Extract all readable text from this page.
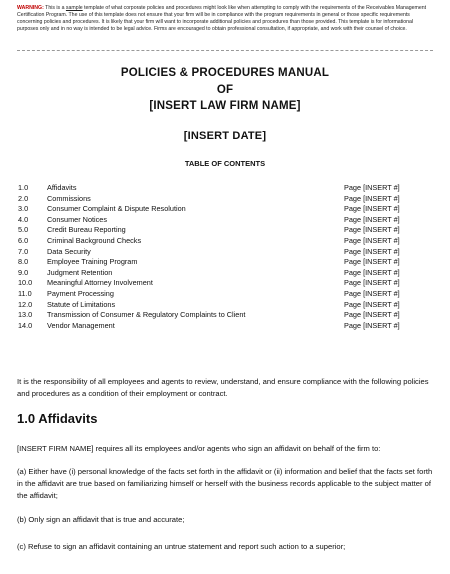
WARNING: This is a sample template of what corporate policies and procedures might look like when attempting to comply with the requirements of the Receivables Management Certification Program. The use of this template does not ensure that your firm will be in compliance with the program requirements in general or those specific requirements concerning policies and procedures. It is likely that your firm will want to incorporate additional policies and procedures than those provided. This template is for informational purposes only and in no way is intended to be legal advice. Firms are encouraged to obtain professional consultation, if appropriate, and work with their counsel of choice.
POLICIES & PROCEDURES MANUAL
OF
[INSERT LAW FIRM NAME]
[INSERT DATE]
TABLE OF CONTENTS
1.0	Affidavits	Page [INSERT #]
2.0	Commissions	Page [INSERT #]
3.0	Consumer Complaint & Dispute Resolution	Page [INSERT #]
4.0	Consumer Notices	Page [INSERT #]
5.0	Credit Bureau Reporting	Page [INSERT #]
6.0	Criminal Background Checks	Page [INSERT #]
7.0	Data Security	Page [INSERT #]
8.0	Employee Training Program	Page [INSERT #]
9.0	Judgment Retention	Page [INSERT #]
10.0 Meaningful Attorney Involvement	Page [INSERT #]
11.0 Payment Processing	Page [INSERT #]
12.0 Statute of Limitations	Page [INSERT #]
13.0 Transmission of Consumer & Regulatory Complaints to Client	Page [INSERT #]
14.0 Vendor Management	Page [INSERT #]
It is the responsibility of all employees and agents to review, understand, and ensure compliance with the following policies and procedures as a condition of their employment or contract.
1.0 Affidavits
[INSERT FIRM NAME] requires all its employees and/or agents who sign an affidavit on behalf of the firm to:
(a) Either have (i) personal knowledge of the facts set forth in the affidavit or (ii) information and belief that the facts set forth in the affidavit are true based on familiarizing himself or herself with the business records applicable to the subject matter of the affidavit;
(b) Only sign an affidavit that is true and accurate;
(c) Refuse to sign an affidavit containing an untrue statement and report such action to a superior;
